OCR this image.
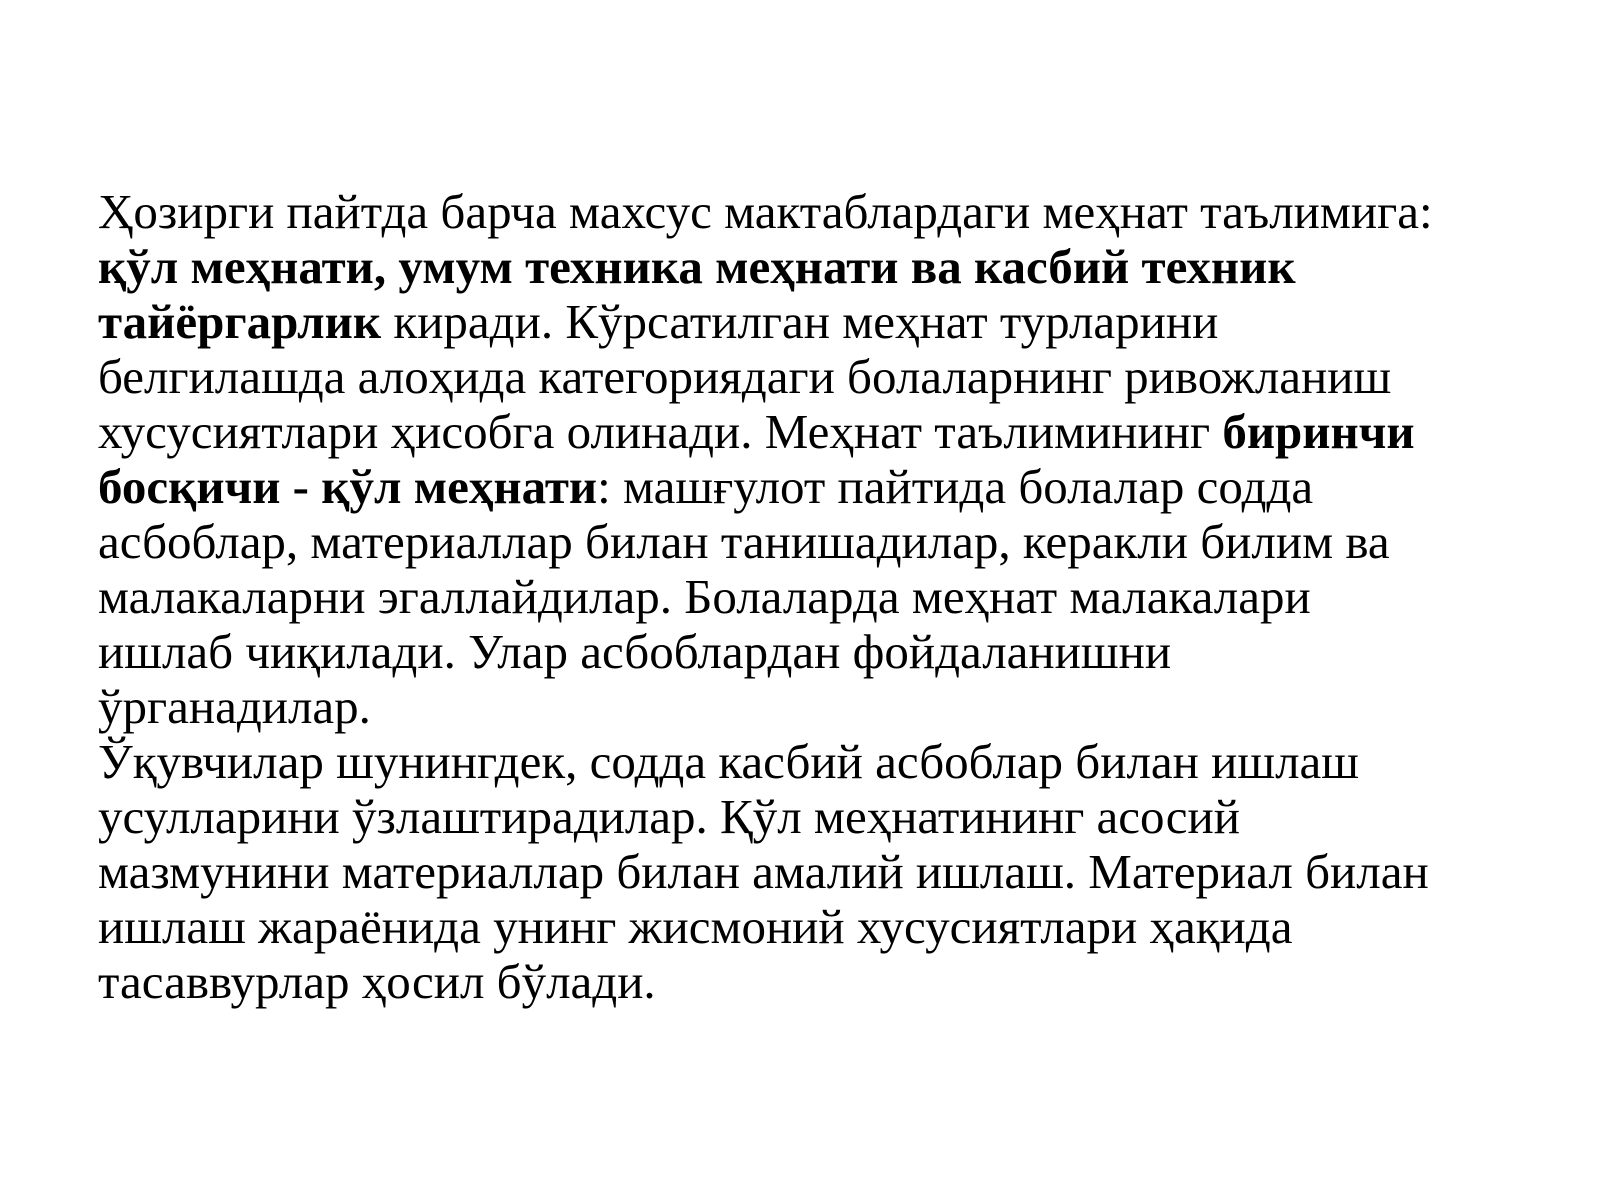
Ҳозирги пайтда барча махсус мактаблардаги меҳнат таълимига:
қўл меҳнати, умум техника меҳнати ва касбий техник
тайёргарлик киради. Кўрсатилган меҳнат турларини
белгилашда алоҳида категориядаги болаларнинг ривожланиш
хусусиятлари ҳисобга олинади. Меҳнат таълимининг биринчи
босқичи - қўл меҳнати: машғулот пайтида болалар содда
асбоблар, материаллар билан танишадилар, керакли билим ва
малакаларни эгаллайдилар. Болаларда меҳнат малакалари
ишлаб чиқилади. Улар асбоблардан фойдаланишни
ўрганадилар.
Ўқувчилар шунингдек, содда касбий асбоблар билан ишлаш
усулларини ўзлаштирадилар. Қўл меҳнатининг асосий
мазмунини материаллар билан амалий ишлаш. Материал билан
ишлаш жараёнида унинг жисмоний хусусиятлари ҳақида
тасаввурлар ҳосил бўлади.
